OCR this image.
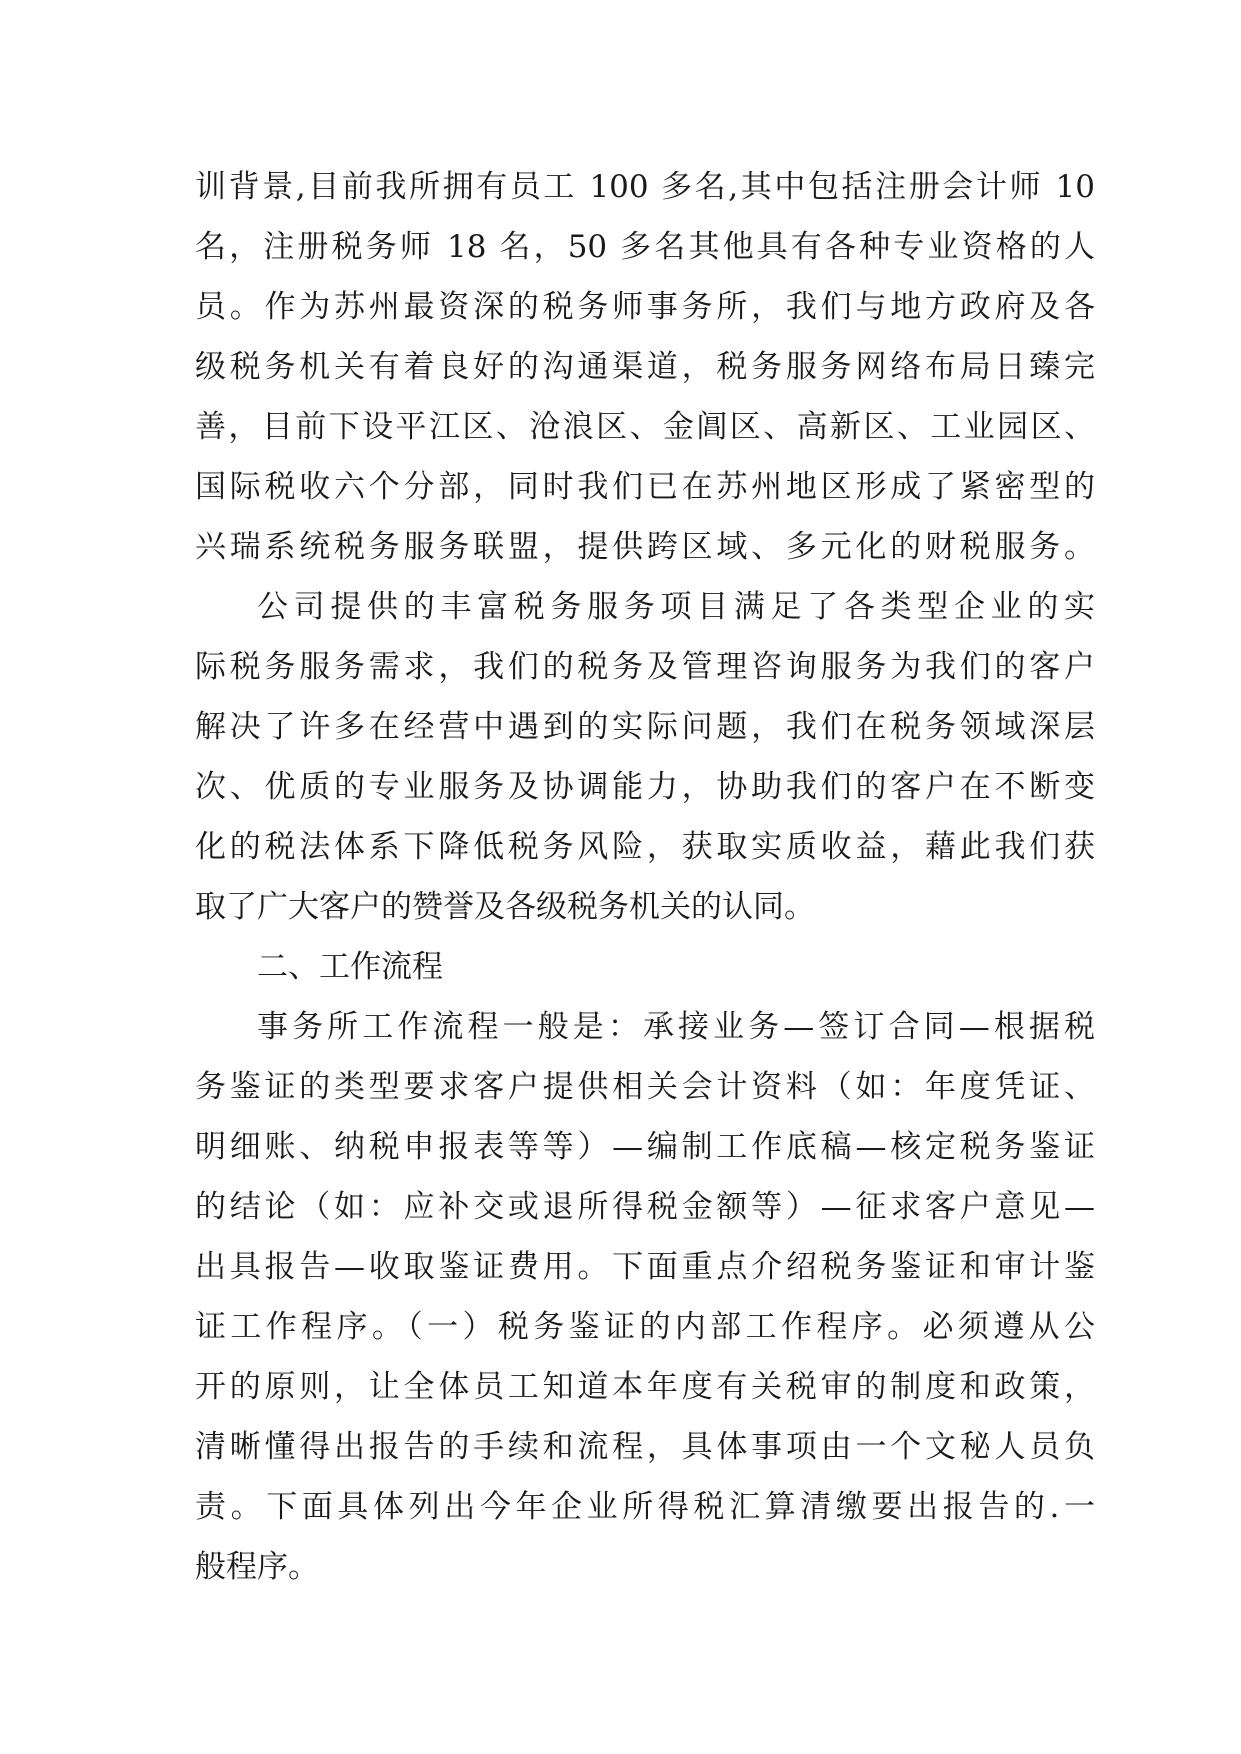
训背景,目前我所拥有员工 100 多名,其中包括注册会计师 10
名，注册税务师 18 名，50 多名其他具有各种专业资格的人
员。作为苏州最资深的税务师事务所，我们与地方政府及各
级税务机关有着良好的沟通渠道，税务服务网络布局日臻完
善，目前下设平江区、沧浪区、金阊区、高新区、工业园区、
国际税收六个分部，同时我们已在苏州地区形成了紧密型的
兴瑞系统税务服务联盟，提供跨区域、多元化的财税服务。
公司提供的丰富税务服务项目满足了各类型企业的实
际税务服务需求，我们的税务及管理咨询服务为我们的客户
解决了许多在经营中遇到的实际问题，我们在税务领域深层
次、优质的专业服务及协调能力，协助我们的客户在不断变
化的税法体系下降低税务风险，获取实质收益，藉此我们获
取了广大客户的赞誉及各级税务机关的认同。
二、工作流程
事务所工作流程一般是：承接业务—签订合同—根据税
务鉴证的类型要求客户提供相关会计资料（如：年度凭证、
明细账、纳税申报表等等）—编制工作底稿—核定税务鉴证
的结论（如：应补交或退所得税金额等）—征求客户意见—
出具报告—收取鉴证费用。下面重点介绍税务鉴证和审计鉴
证工作程序。（一）税务鉴证的内部工作程序。必须遵从公
开的原则，让全体员工知道本年度有关税审的制度和政策，
清晰懂得出报告的手续和流程，具体事项由一个文秘人员负
责。下面具体列出今年企业所得税汇算清缴要出报告的.一
般程序。
